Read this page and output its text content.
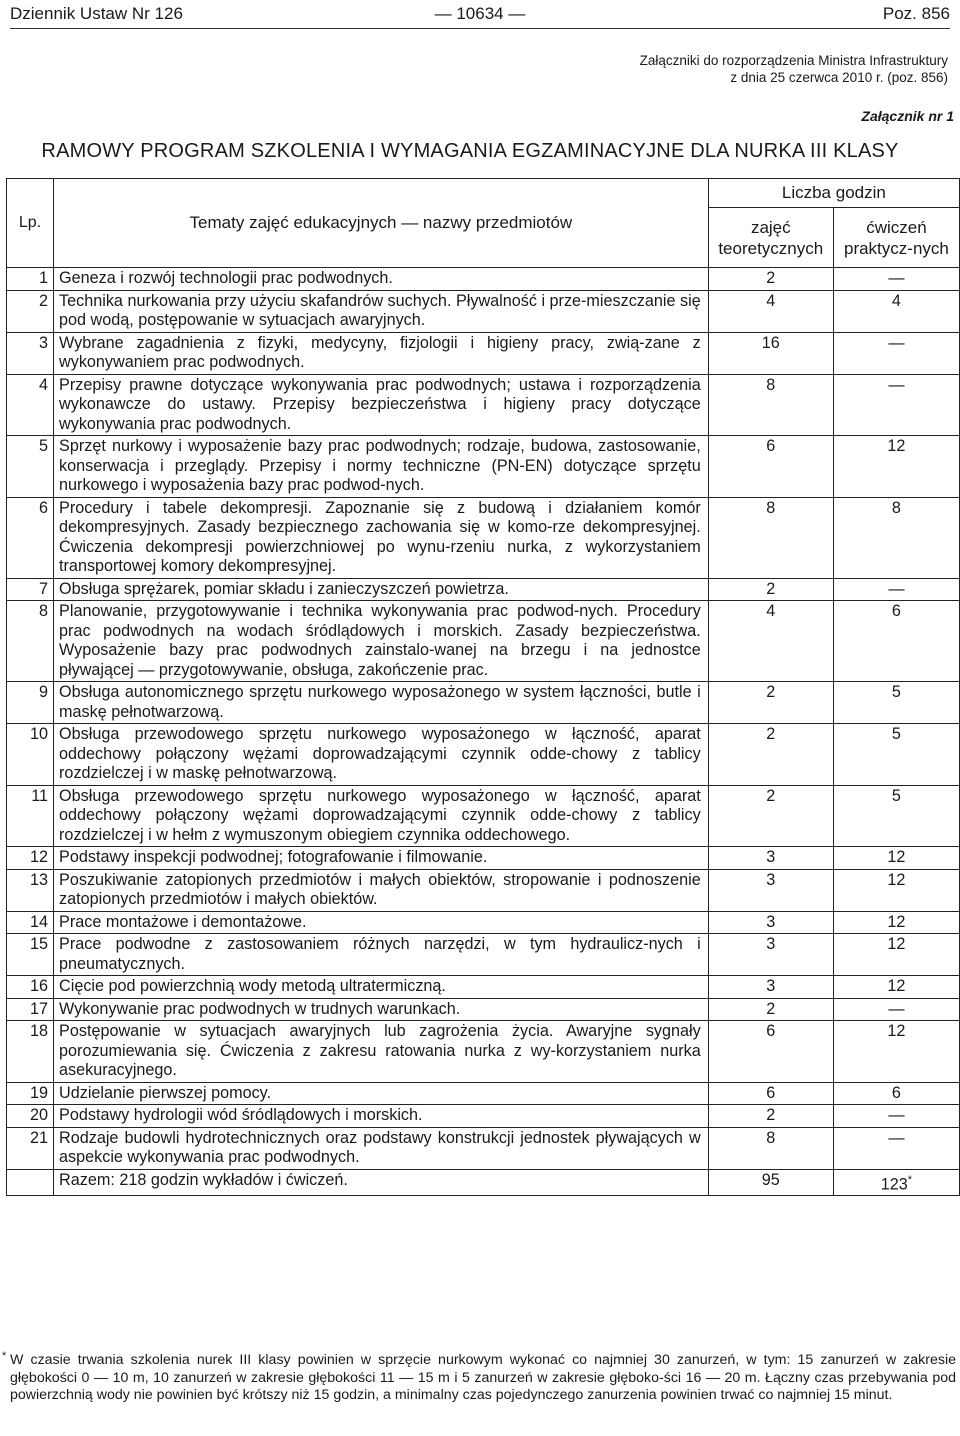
Dziennik Ustaw Nr 126	— 10634 —	Poz. 856
Załączniki do rozporządzenia Ministra Infrastruktury
z dnia 25 czerwca 2010 r. (poz. 856)
Załącznik nr 1
RAMOWY PROGRAM SZKOLENIA I WYMAGANIA EGZAMINACYJNE DLA NURKA III KLASY
Lp.	Tematy zajęć edukacyjnych — nazwy przedmiotów	Liczba godzin	
		zajęć teoretycznych	ćwiczeń praktycz-nych
1	Geneza i rozwój technologii prac podwodnych.	2	—
2	Technika nurkowania przy użyciu skafandrów suchych. Pływalność i prze-mieszczanie się pod wodą, postępowanie w sytuacjach awaryjnych.	4	4
3	Wybrane zagadnienia z fizyki, medycyny, fizjologii i higieny pracy, zwią-zane z wykonywaniem prac podwodnych.	16	—
4	Przepisy prawne dotyczące wykonywania prac podwodnych; ustawa i rozporządzenia wykonawcze do ustawy. Przepisy bezpieczeństwa i higieny pracy dotyczące wykonywania prac podwodnych.	8	—
5	Sprzęt nurkowy i wyposażenie bazy prac podwodnych; rodzaje, budowa, zastosowanie, konserwacja i przeglądy. Przepisy i normy techniczne (PN-EN) dotyczące sprzętu nurkowego i wyposażenia bazy prac podwod-nych.	6	12
6	Procedury i tabele dekompresji. Zapoznanie się z budową i działaniem komór dekompresyjnych. Zasady bezpiecznego zachowania się w komo-rze dekompresyjnej. Ćwiczenia dekompresji powierzchniowej po wynu-rzeniu nurka, z wykorzystaniem transportowej komory dekompresyjnej.	8	8
7	Obsługa sprężarek, pomiar składu i zanieczyszczeń powietrza.	2	—
8	Planowanie, przygotowywanie i technika wykonywania prac podwod-nych. Procedury prac podwodnych na wodach śródlądowych i morskich. Zasady bezpieczeństwa. Wyposażenie bazy prac podwodnych zainstalo-wanej na brzegu i na jednostce pływającej — przygotowywanie, obsługa, zakończenie prac.	4	6
9	Obsługa autonomicznego sprzętu nurkowego wyposażonego w system łączności, butle i maskę pełnotwarzową.	2	5
10	Obsługa przewodowego sprzętu nurkowego wyposażonego w łączność, aparat oddechowy połączony wężami doprowadzającymi czynnik odde-chowy z tablicy rozdzielczej i w maskę pełnotwarzową.	2	5
11	Obsługa przewodowego sprzętu nurkowego wyposażonego w łączność, aparat oddechowy połączony wężami doprowadzającymi czynnik odde-chowy z tablicy rozdzielczej i w hełm z wymuszonym obiegiem czynnika oddechowego.	2	5
12	Podstawy inspekcji podwodnej; fotografowanie i filmowanie.	3	12
13	Poszukiwanie zatopionych przedmiotów i małych obiektów, stropowanie i podnoszenie zatopionych przedmiotów i małych obiektów.	3	12
14	Prace montażowe i demontażowe.	3	12
15	Prace podwodne z zastosowaniem różnych narzędzi, w tym hydraulicz-nych i pneumatycznych.	3	12
16	Cięcie pod powierzchnią wody metodą ultratermiczną.	3	12
17	Wykonywanie prac podwodnych w trudnych warunkach.	2	—
18	Postępowanie w sytuacjach awaryjnych lub zagrożenia życia. Awaryjne sygnały porozumiewania się. Ćwiczenia z zakresu ratowania nurka z wy-korzystaniem nurka asekuracyjnego.	6	12
19	Udzielanie pierwszej pomocy.	6	6
20	Podstawy hydrologii wód śródlądowych i morskich.	2	—
21	Rodzaje budowli hydrotechnicznych oraz podstawy konstrukcji jednostek pływających w aspekcie wykonywania prac podwodnych.	8	—
	Razem: 218 godzin wykładów i ćwiczeń.	95	123*
* W czasie trwania szkolenia nurek III klasy powinien w sprzęcie nurkowym wykonać co najmniej 30 zanurzeń, w tym: 15 zanurzeń w zakresie głębokości 0 — 10 m, 10 zanurzeń w zakresie głębokości 11 — 15 m i 5 zanurzeń w zakresie głęboko-ści 16 — 20 m. Łączny czas przebywania pod powierzchnią wody nie powinien być krótszy niż 15 godzin, a minimalny czas pojedynczego zanurzenia powinien trwać co najmniej 15 minut.
